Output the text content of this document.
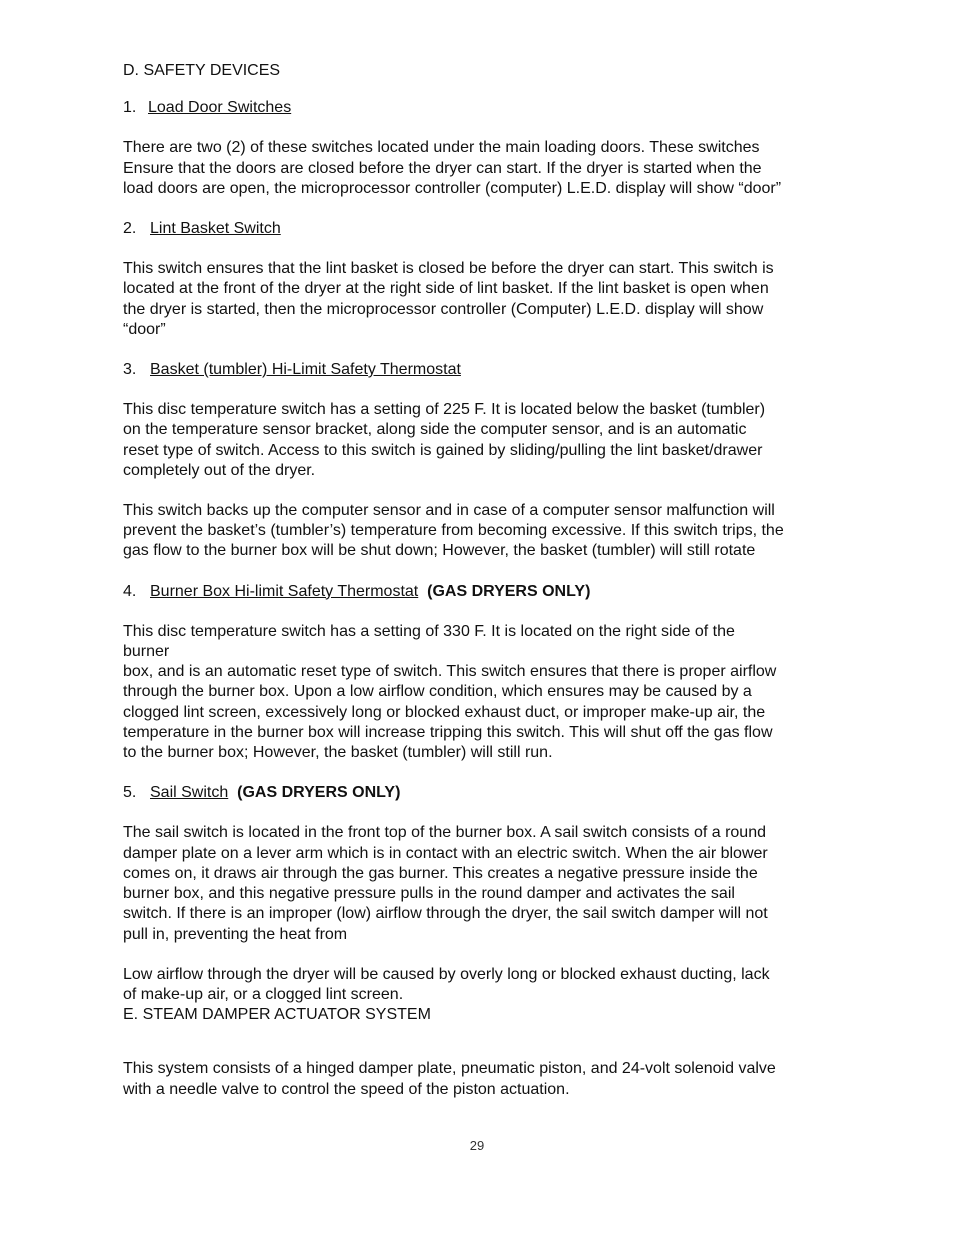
D. SAFETY DEVICES

1. Load Door Switches

There are two (2) of these switches located under the main loading doors. These switches
Ensure that the doors are closed before the dryer can start. If the dryer is started when the
load doors are open, the microprocessor controller (computer) L.E.D. display will show “door”

2. Lint Basket Switch

This switch ensures that the lint basket is closed be before the dryer can start. This switch is
located at the front of the dryer at the right side of lint basket. If the lint basket is open when
the dryer is started, then the microprocessor controller (Computer) L.E.D. display will show
“door”

3. Basket (tumbler) Hi-Limit Safety Thermostat

This disc temperature switch has a setting of 225 F. It is located below the basket (tumbler)
on the temperature sensor bracket, along side the computer sensor, and is an automatic
reset type of switch. Access to this switch is gained by sliding/pulling the lint basket/drawer
completely out of the dryer.
This switch backs up the computer sensor and in case of a computer sensor malfunction will
prevent the basket’s (tumbler’s) temperature from becoming excessive. If this switch trips, the
gas flow to the burner box will be shut down; However, the basket (tumbler) will still rotate

4. Burner Box Hi-limit Safety Thermostat (GAS DRYERS ONLY)

This disc temperature switch has a setting of 330 F. It is located on the right side of the
burner
box, and is an automatic reset type of switch. This switch ensures that there is proper airflow
through the burner box. Upon a low airflow condition, which ensures may be caused by a
clogged lint screen, excessively long or blocked exhaust duct, or improper make-up air, the
temperature in the burner box will increase tripping this switch. This will shut off the gas flow
to the burner box; However, the basket (tumbler) will still run.

5. Sail Switch (GAS DRYERS ONLY)

The sail switch is located in the front top of the burner box. A sail switch consists of a round
damper plate on a lever arm which is in contact with an electric switch. When the air blower
comes on, it draws air through the gas burner. This creates a negative pressure inside the
burner box, and this negative pressure pulls in the round damper and activates the sail
switch. If there is an improper (low) airflow through the dryer, the sail switch damper will not
pull in, preventing the heat from
Low airflow through the dryer will be caused by overly long or blocked exhaust ducting, lack
of make-up air, or a clogged lint screen.
E. STEAM DAMPER ACTUATOR SYSTEM
This system consists of a hinged damper plate, pneumatic piston, and 24-volt solenoid valve
with a needle valve to control the speed of the piston actuation.
29
